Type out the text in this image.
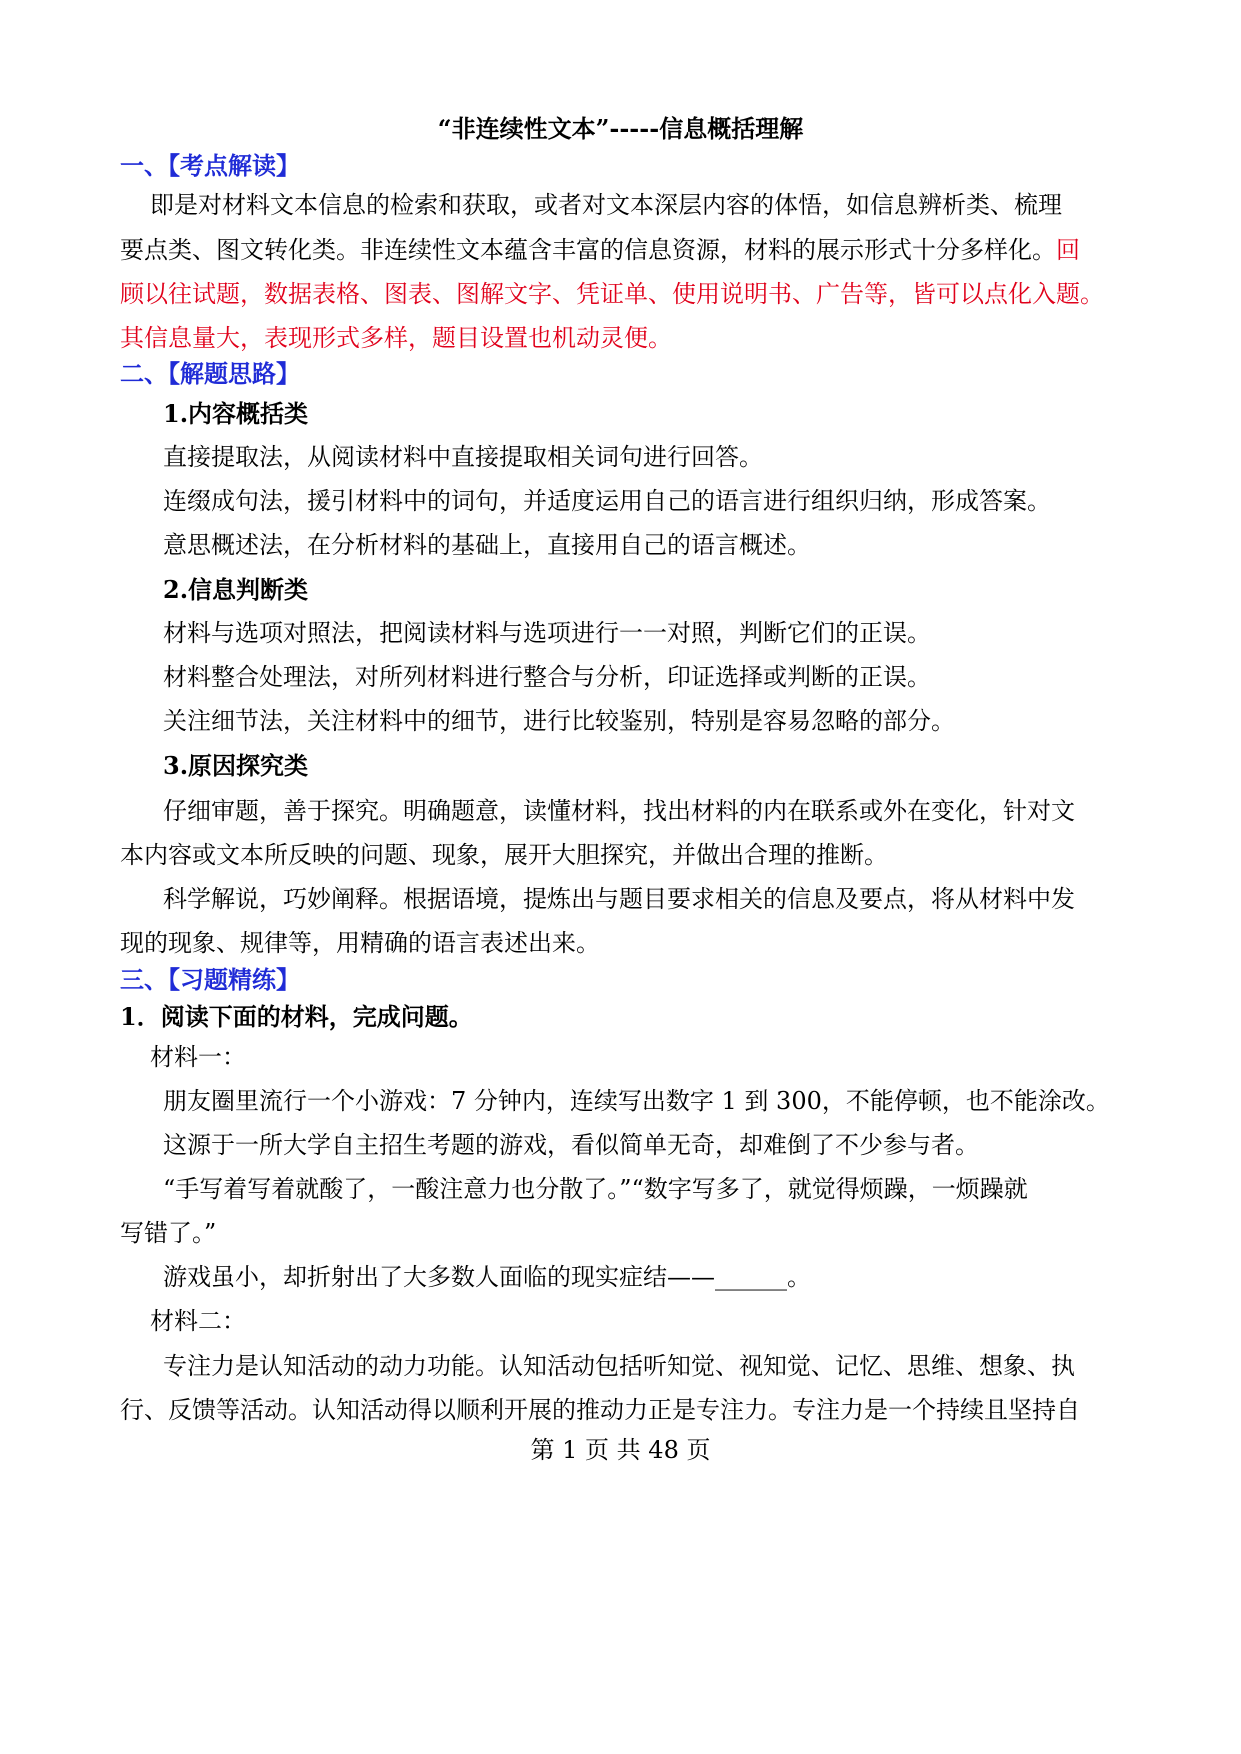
“非连续性文本”-----信息概括理解
一、【考点解读】
即是对材料文本信息的检索和获取，或者对文本深层内容的体悟，如信息辨析类、梳理
要点类、图文转化类。非连续性文本蕴含丰富的信息资源，材料的展示形式十分多样化。回
顾以往试题，数据表格、图表、图解文字、凭证单、使用说明书、广告等，皆可以点化入题。
其信息量大，表现形式多样，题目设置也机动灵便。
二、【解题思路】
1.内容概括类
直接提取法，从阅读材料中直接提取相关词句进行回答。
连缀成句法，援引材料中的词句，并适度运用自己的语言进行组织归纳，形成答案。
意思概述法，在分析材料的基础上，直接用自己的语言概述。
2.信息判断类
材料与选项对照法，把阅读材料与选项进行一一对照，判断它们的正误。
材料整合处理法，对所列材料进行整合与分析，印证选择或判断的正误。
关注细节法，关注材料中的细节，进行比较鉴别，特别是容易忽略的部分。
3.原因探究类
仔细审题，善于探究。明确题意，读懂材料，找出材料的内在联系或外在变化，针对文
本内容或文本所反映的问题、现象，展开大胆探究，并做出合理的推断。
科学解说，巧妙阐释。根据语境，提炼出与题目要求相关的信息及要点，将从材料中发
现的现象、规律等，用精确的语言表述出来。
三、【习题精练】
1．阅读下面的材料，完成问题。
材料一：
朋友圈里流行一个小游戏：7 分钟内，连续写出数字 1 到 300，不能停顿，也不能涂改。
这源于一所大学自主招生考题的游戏，看似简单无奇，却难倒了不少参与者。
“手写着写着就酸了，一酸注意力也分散了。”“数字写多了，就觉得烦躁，一烦躁就
写错了。”
游戏虽小，却折射出了大多数人面临的现实症结——______。
材料二：
专注力是认知活动的动力功能。认知活动包括听知觉、视知觉、记忆、思维、想象、执
行、反馈等活动。认知活动得以顺利开展的推动力正是专注力。专注力是一个持续且坚持自
第 1 页 共 48 页
